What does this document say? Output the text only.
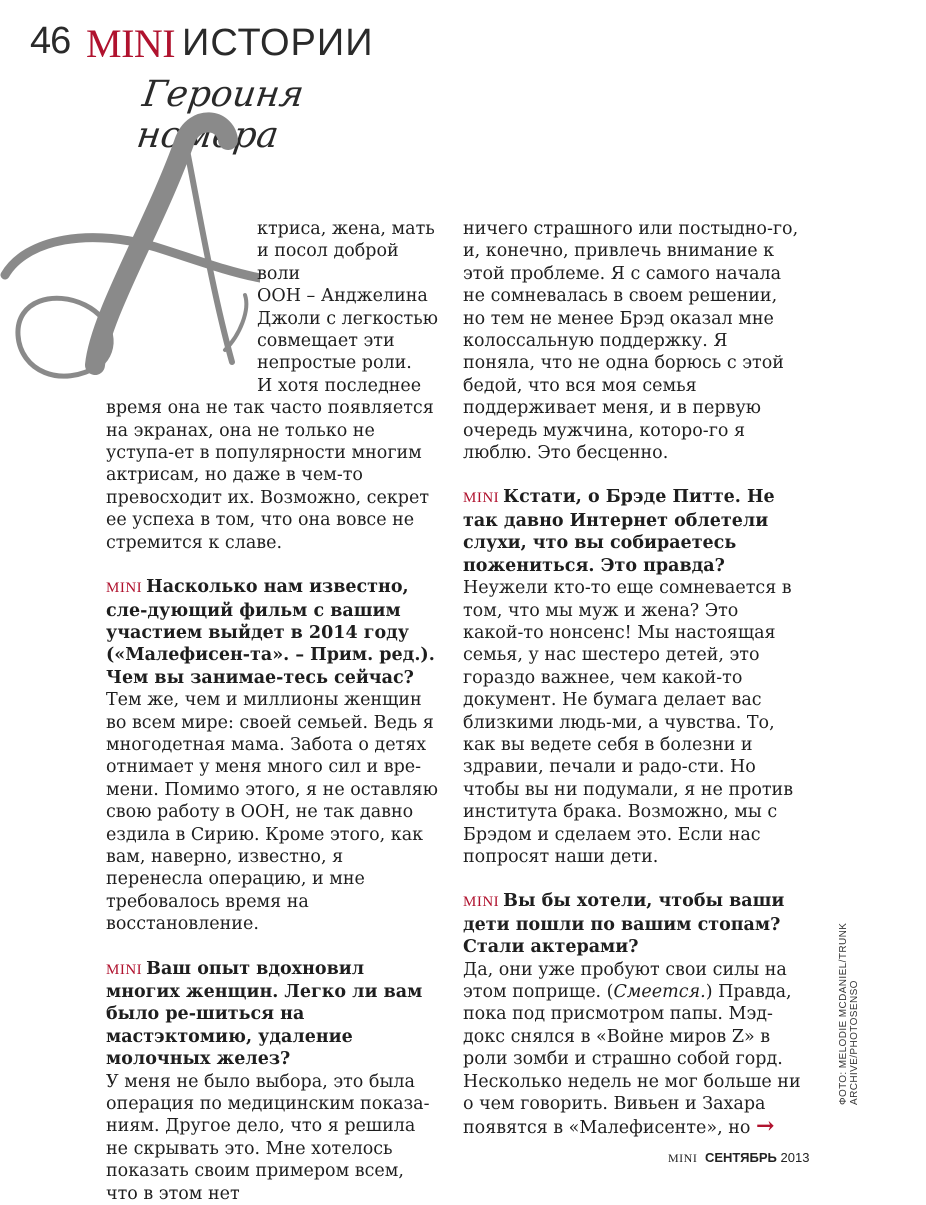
46 MINI ИСТОРИИ
Героиня номера
ктриса, жена, мать
и посол доброй воли
ООН – Анджелина
Джоли с легкостью
совмещает эти
непростые роли.
И хотя последнее

время она не так часто появляется на экранах, она не только не уступа-ет в популярности многим актрисам, но даже в чем-то превосходит их. Возможно, секрет ее успеха в том, что она вовсе не стремится к славе.

MINI Насколько нам известно, сле-дующий фильм с вашим участием выйдет в 2014 году («Малефисен-та». – Прим. ред.). Чем вы занимае-тесь сейчас?

Тем же, чем и миллионы женщин во всем мире: своей семьей. Ведь я многодетная мама. Забота о детях отнимает у меня много сил и вре-мени. Помимо этого, я не оставляю свою работу в ООН, не так давно ездила в Сирию. Кроме этого, как вам, наверно, известно, я перенесла операцию, и мне требовалось время на восстановление.

MINI Ваш опыт вдохновил многих женщин. Легко ли вам было ре-шиться на мастэктомию, удаление молочных желез?

У меня не было выбора, это была операция по медицинским показа-ниям. Другое дело, что я решила не скрывать это. Мне хотелось показать своим примером всем, что в этом нет

ничего страшного или постыдно-го, и, конечно, привлечь внимание к этой проблеме. Я с самого начала не сомневалась в своем решении, но тем не менее Брэд оказал мне колоссальную поддержку. Я поняла, что не одна борюсь с этой бедой, что вся моя семья поддерживает меня, и в первую очередь мужчина, которо-го я люблю. Это бесценно.

MINI Кстати, о Брэде Питте. Не так давно Интернет облетели слухи, что вы собираетесь пожениться. Это правда?

Неужели кто-то еще сомневается в том, что мы муж и жена? Это какой-то нонсенс! Мы настоящая семья, у нас шестеро детей, это гораздо важнее, чем какой-то документ. Не бумага делает вас близкими людь-ми, а чувства. То, как вы ведете себя в болезни и здравии, печали и радо-сти. Но чтобы вы ни подумали, я не против института брака. Возможно, мы с Брэдом и сделаем это. Если нас попросят наши дети.

MINI Вы бы хотели, чтобы ваши дети пошли по вашим стопам? Стали актерами?

Да, они уже пробуют свои силы на этом поприще. (Смеется.) Правда, пока под присмотром папы. Мэд-докс снялся в «Войне миров Z» в роли зомби и страшно собой горд. Несколько недель не мог больше ни о чем говорить. Вивьен и Захара появятся в «Малефисенте», но →

ФОТО: MELODIE MCDANIEL/TRUNK ARCHIVE/PHOTOSENSO
MINI СЕНТЯБРЬ 2013
